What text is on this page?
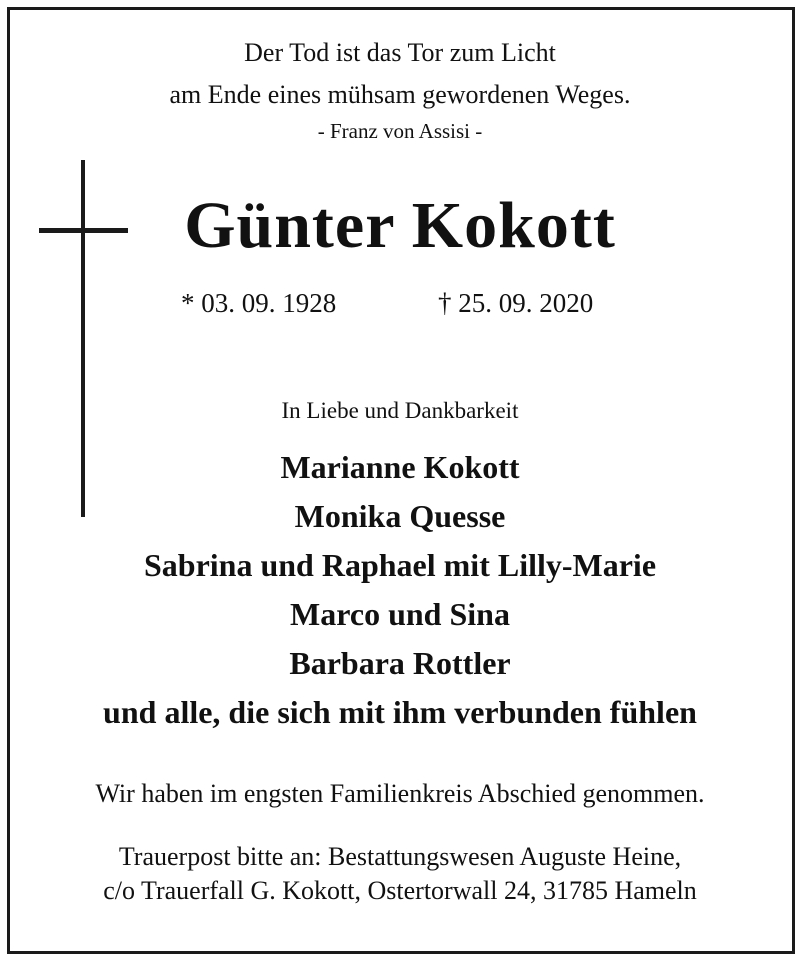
Der Tod ist das Tor zum Licht
am Ende eines mühsam gewordenen Weges.
- Franz von Assisi -
Günter Kokott
* 03. 09. 1928	† 25. 09. 2020
In Liebe und Dankbarkeit
Marianne Kokott
Monika Quesse
Sabrina und Raphael mit Lilly-Marie
Marco und Sina
Barbara Rottler
und alle, die sich mit ihm verbunden fühlen
Wir haben im engsten Familienkreis Abschied genommen.
Trauerpost bitte an: Bestattungswesen Auguste Heine,
c/o Trauerfall G. Kokott, Ostertorwall 24, 31785 Hameln
